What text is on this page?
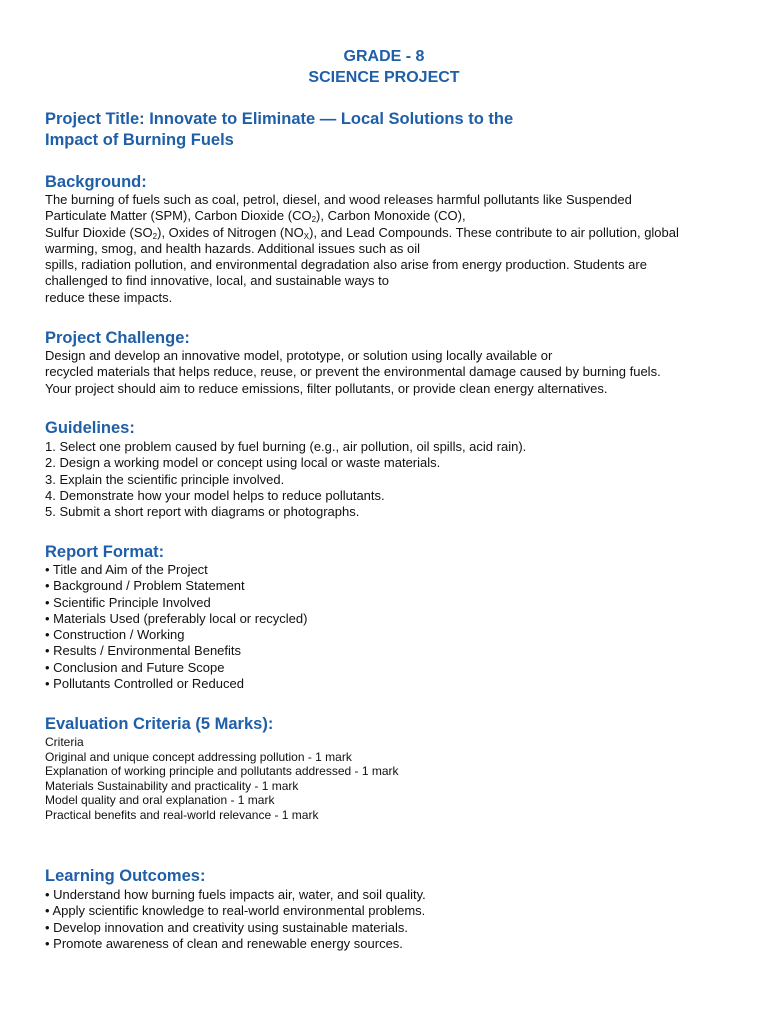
GRADE - 8
SCIENCE PROJECT
Project Title: Innovate to Eliminate — Local Solutions to the
Impact of Burning Fuels
Background:
The burning of fuels such as coal, petrol, diesel, and wood releases harmful pollutants like Suspended
Particulate Matter (SPM), Carbon Dioxide $(CO_2)$, Carbon Monoxide (CO),
Sulfur Dioxide $(SO_2)$, Oxides of Nitrogen $(NO_X)$, and Lead Compounds. These contribute to air pollution, global
warming, smog, and health hazards. Additional issues such as oil
spills, radiation pollution, and environmental degradation also arise from energy production. Students are
challenged to find innovative, local, and sustainable ways to
reduce these impacts.
Project Challenge:
Design and develop an innovative model, prototype, or solution using locally available or
recycled materials that helps reduce, reuse, or prevent the environmental damage caused by burning fuels.
Your project should aim to reduce emissions, filter pollutants, or provide clean energy alternatives.
Guidelines:
1. Select one problem caused by fuel burning (e.g., air pollution, oil spills, acid rain).
2. Design a working model or concept using local or waste materials.
3. Explain the scientific principle involved.
4. Demonstrate how your model helps to reduce pollutants.
5. Submit a short report with diagrams or photographs.
Report Format:
• Title and Aim of the Project
• Background / Problem Statement
• Scientific Principle Involved
• Materials Used (preferably local or recycled)
• Construction / Working
• Results / Environmental Benefits
• Conclusion and Future Scope
• Pollutants Controlled or Reduced
Evaluation Criteria (5 Marks):
Criteria
Original and unique concept addressing pollution - 1 mark
Explanation of working principle and pollutants addressed - 1 mark
Materials Sustainability and practicality - 1 mark
Model quality and oral explanation - 1 mark
Practical benefits and real-world relevance - 1 mark
Learning Outcomes:
• Understand how burning fuels impacts air, water, and soil quality.
• Apply scientific knowledge to real-world environmental problems.
• Develop innovation and creativity using sustainable materials.
• Promote awareness of clean and renewable energy sources.
